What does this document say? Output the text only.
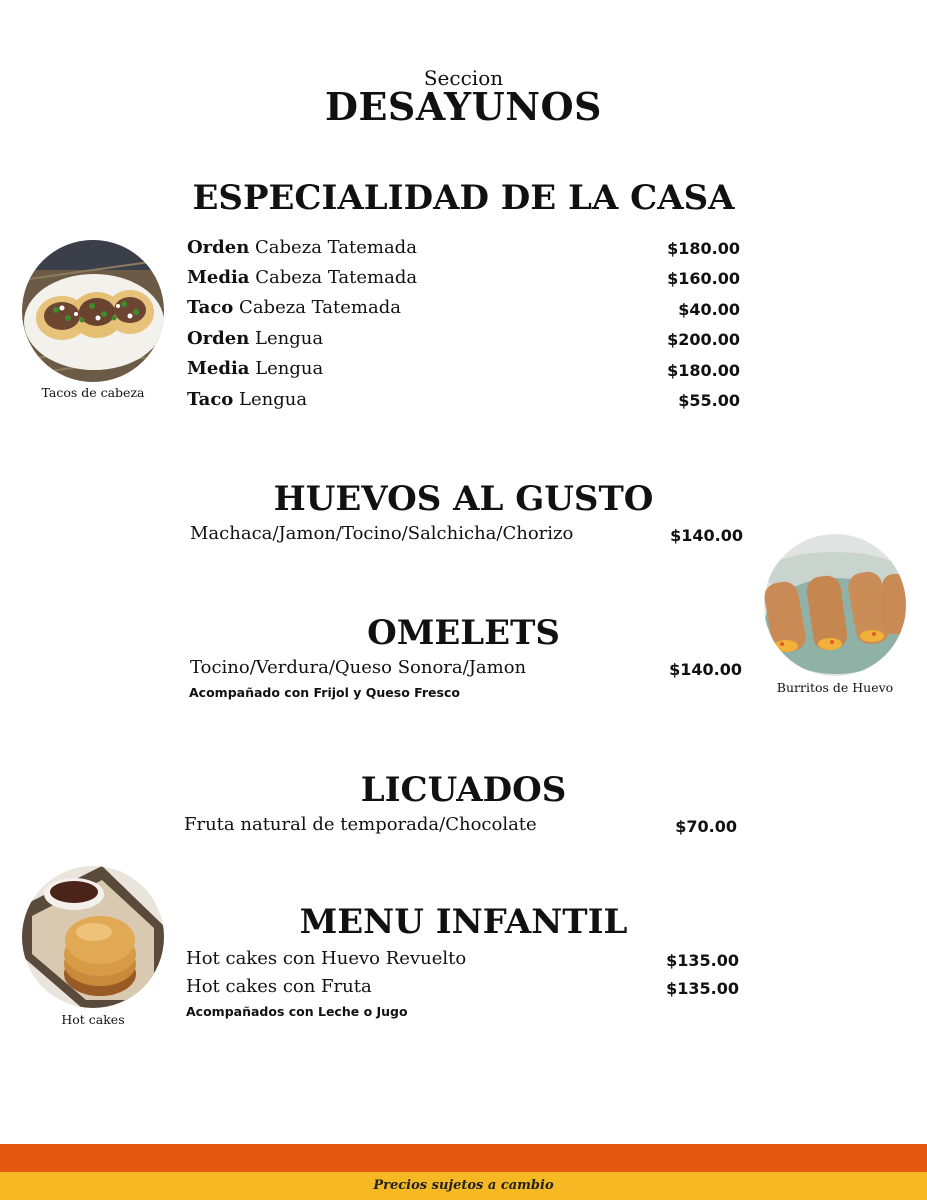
Seccion
DESAYUNOS
ESPECIALIDAD DE LA CASA
Orden Cabeza Tatemada	$180.00
Media Cabeza Tatemada	$160.00
Taco Cabeza Tatemada	$40.00
Orden Lengua	$200.00
Media Lengua	$180.00
Taco Lengua	$55.00
Tacos de cabeza
HUEVOS AL GUSTO
Machaca/Jamon/Tocino/Salchicha/Chorizo	$140.00
Burritos de Huevo
OMELETS
Tocino/Verdura/Queso Sonora/Jamon	$140.00
Acompañado con Frijol y Queso Fresco
LICUADOS
Fruta natural de temporada/Chocolate	$70.00
Hot cakes
MENU INFANTIL
Hot cakes con Huevo Revuelto	$135.00
Hot cakes con Fruta	$135.00
Acompañados con Leche o Jugo
Precios sujetos a cambio
